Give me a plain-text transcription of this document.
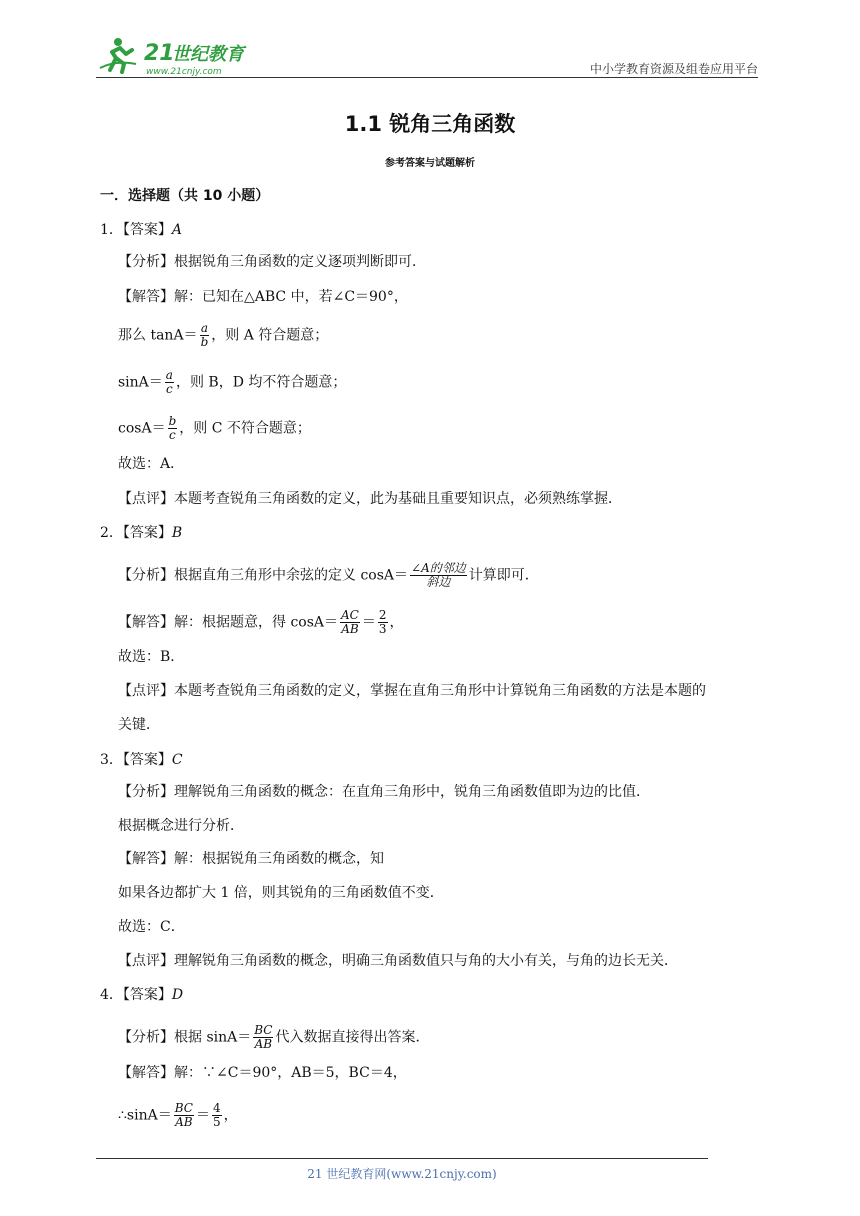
21
世纪教育
www.21cnjy.com	中小学教育资源及组卷应用平台
1.1 锐角三角函数
参考答案与试题解析
一．选择题（共 10 小题）
1．【答案】A
【分析】根据锐角三角函数的定义逐项判断即可．
【解答】解：已知在△ABC 中，若∠C＝90°，
那么 $\tan A= \frac{a}{b}$ ，则 A 符合题意；
$\sin A= \frac{a}{c}$ ，则 B，D 均不符合题意；
$\cos A= \frac{b}{c}$ ，则 C 不符合题意；
故选：A．
【点评】本题考查锐角三角函数的定义，此为基础且重要知识点，必须熟练掌握．
2．【答案】B
【分析】根据直角三角形中余弦的定义 $\cos A= \frac{\text{∠A的邻边}}{\text{斜边}}$ 计算即可．
【解答】解：根据题意，得 $\cos A= \frac{AC}{AB} = \frac{2}{3}$ ，
故选：B．
【点评】本题考查锐角三角函数的定义，掌握在直角三角形中计算锐角三角函数的方法是本题的
关键．
3．【答案】C
【分析】理解锐角三角函数的概念：在直角三角形中，锐角三角函数值即为边的比值．
根据概念进行分析．
【解答】解：根据锐角三角函数的概念，知
如果各边都扩大 1 倍，则其锐角的三角函数值不变．
故选：C．
【点评】理解锐角三角函数的概念，明确三角函数值只与角的大小有关，与角的边长无关．
4．【答案】D
【分析】根据 $\sin A= \frac{BC}{AB}$ 代入数据直接得出答案．
【解答】解：∵∠C＝90°，AB＝5，BC＝4，
∴sinA＝ $\frac{BC}{AB} = \frac{4}{5}$ ，
21 世纪教育网(www.21cnjy.com)
